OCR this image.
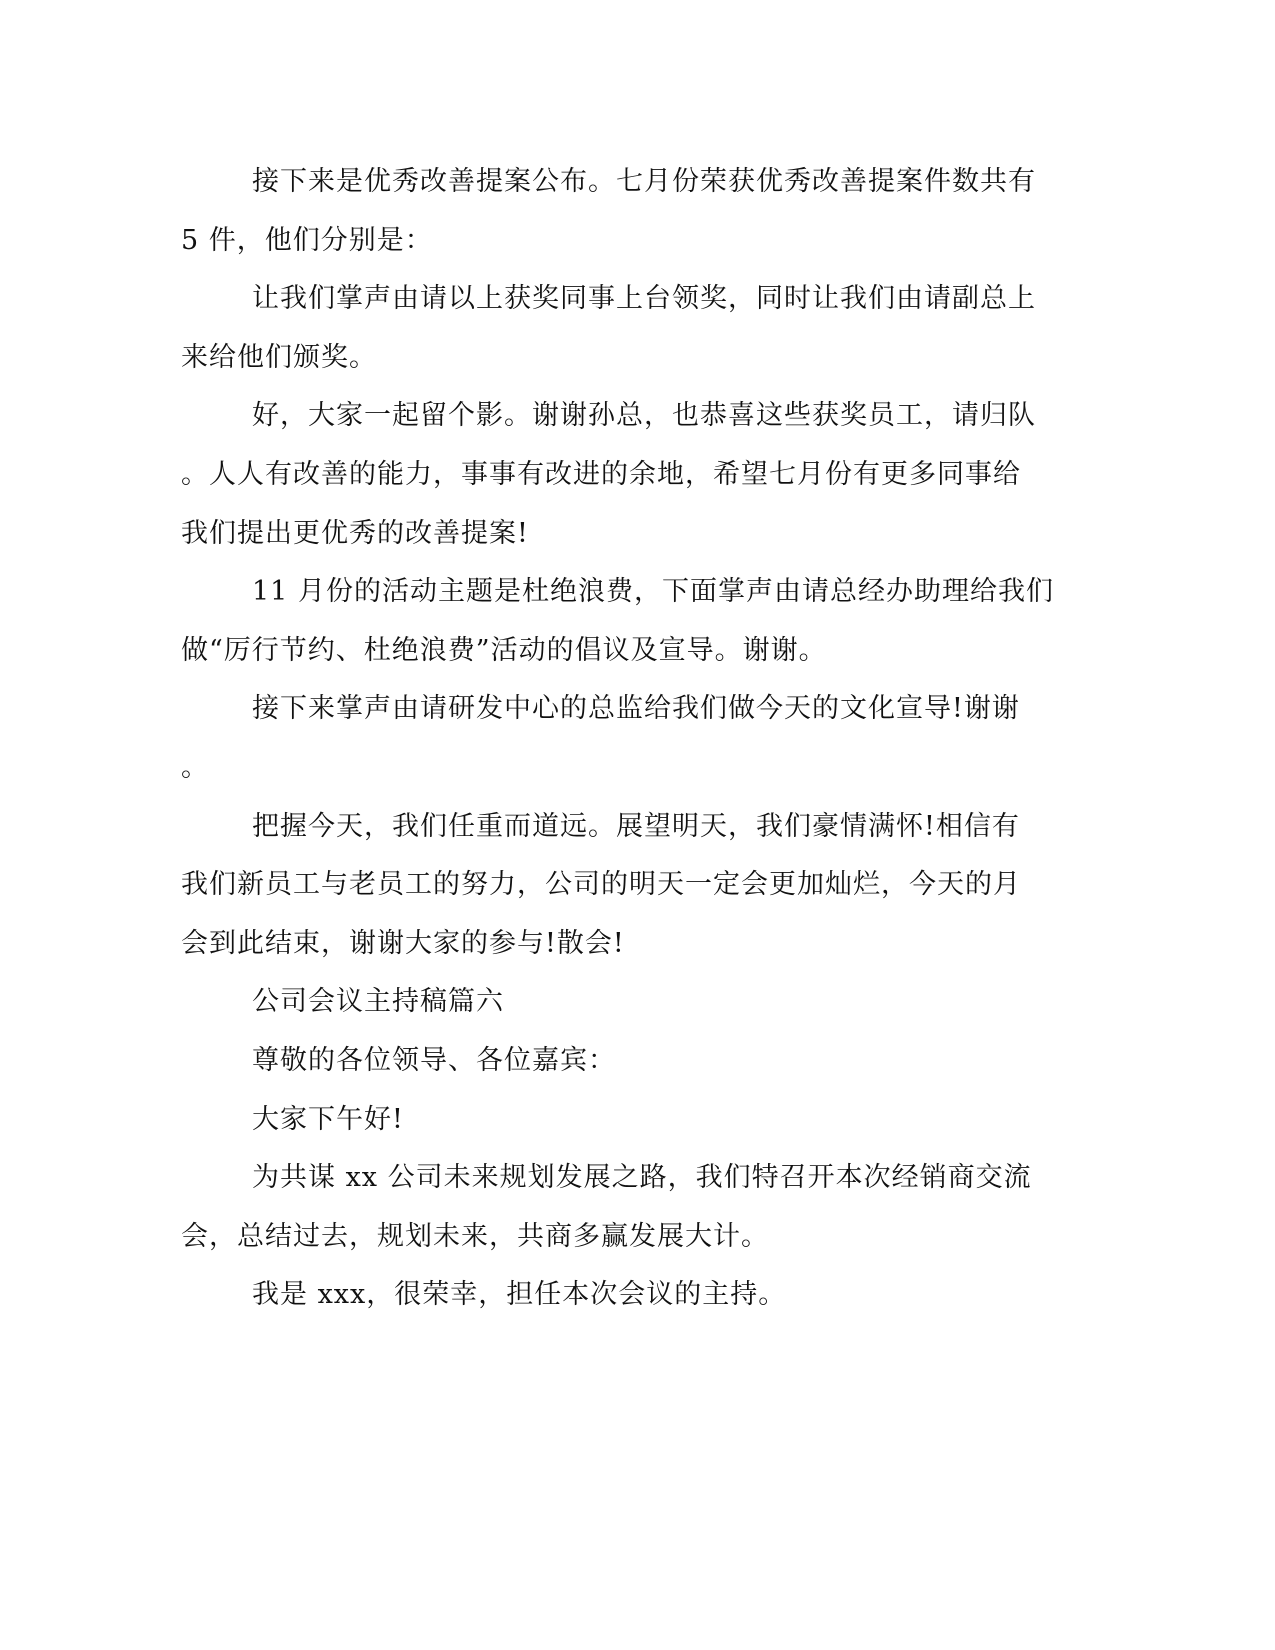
接下来是优秀改善提案公布。七月份荣获优秀改善提案件数共有
5 件，他们分别是：
让我们掌声由请以上获奖同事上台领奖，同时让我们由请副总上
来给他们颁奖。
好，大家一起留个影。谢谢孙总，也恭喜这些获奖员工，请归队
。人人有改善的能力，事事有改进的余地，希望七月份有更多同事给
我们提出更优秀的改善提案!
11 月份的活动主题是杜绝浪费，下面掌声由请总经办助理给我们
做“厉行节约、杜绝浪费”活动的倡议及宣导。谢谢。
接下来掌声由请研发中心的总监给我们做今天的文化宣导!谢谢
。
把握今天，我们任重而道远。展望明天，我们豪情满怀!相信有
我们新员工与老员工的努力，公司的明天一定会更加灿烂，今天的月
会到此结束，谢谢大家的参与!散会!
公司会议主持稿篇六
尊敬的各位领导、各位嘉宾：
大家下午好!
为共谋 xx 公司未来规划发展之路，我们特召开本次经销商交流
会，总结过去，规划未来，共商多赢发展大计。
我是 xxx，很荣幸，担任本次会议的主持。
